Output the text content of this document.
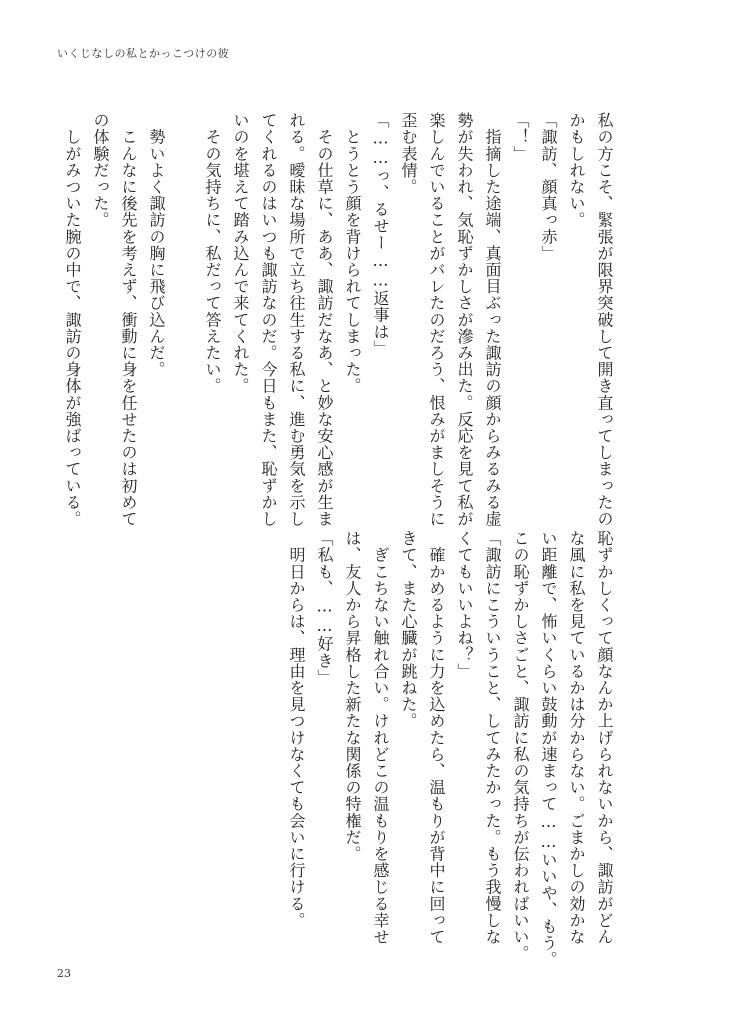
いくじなしの私とかっこつけの彼
私の方こそ、緊張が限界突破して開き直ってしまったの
かもしれない。
「諏訪、顔真っ赤」
「！」
　指摘した途端、真面目ぶった諏訪の顔からみるみる虚
勢が失われ、気恥ずかしさが滲み出た。反応を見て私が
楽しんでいることがバレたのだろう、恨みがましそうに
歪む表情。
「……っ、るせー……返事は」
　とうとう顔を背けられてしまった。
　その仕草に、ああ、諏訪だなあ、と妙な安心感が生ま
れる。曖昧な場所で立ち往生する私に、進む勇気を示し
てくれるのはいつも諏訪なのだ。今日もまた、恥ずかし
いのを堪えて踏み込んで来てくれた。
　その気持ちに、私だって答えたい。
　勢いよく諏訪の胸に飛び込んだ。
　こんなに後先を考えず、衝動に身を任せたのは初めて
の体験だった。
　しがみついた腕の中で、諏訪の身体が強ばっている。
恥ずかしくって顔なんか上げられないから、諏訪がどん
な風に私を見ているかは分からない。ごまかしの効かな
い距離で、怖いくらい鼓動が速まって……いいや、もう。
この恥ずかしさごと、諏訪に私の気持ちが伝わればいい。
「諏訪にこういうこと、してみたかった。もう我慢しな
くてもいいよね？」
　確かめるように力を込めたら、温もりが背中に回って
きて、また心臓が跳ねた。
　ぎこちない触れ合い。けれどこの温もりを感じる幸せ
は、友人から昇格した新たな関係の特権だ。
「私も、……好き」
　明日からは、理由を見つけなくても会いに行ける。
23
